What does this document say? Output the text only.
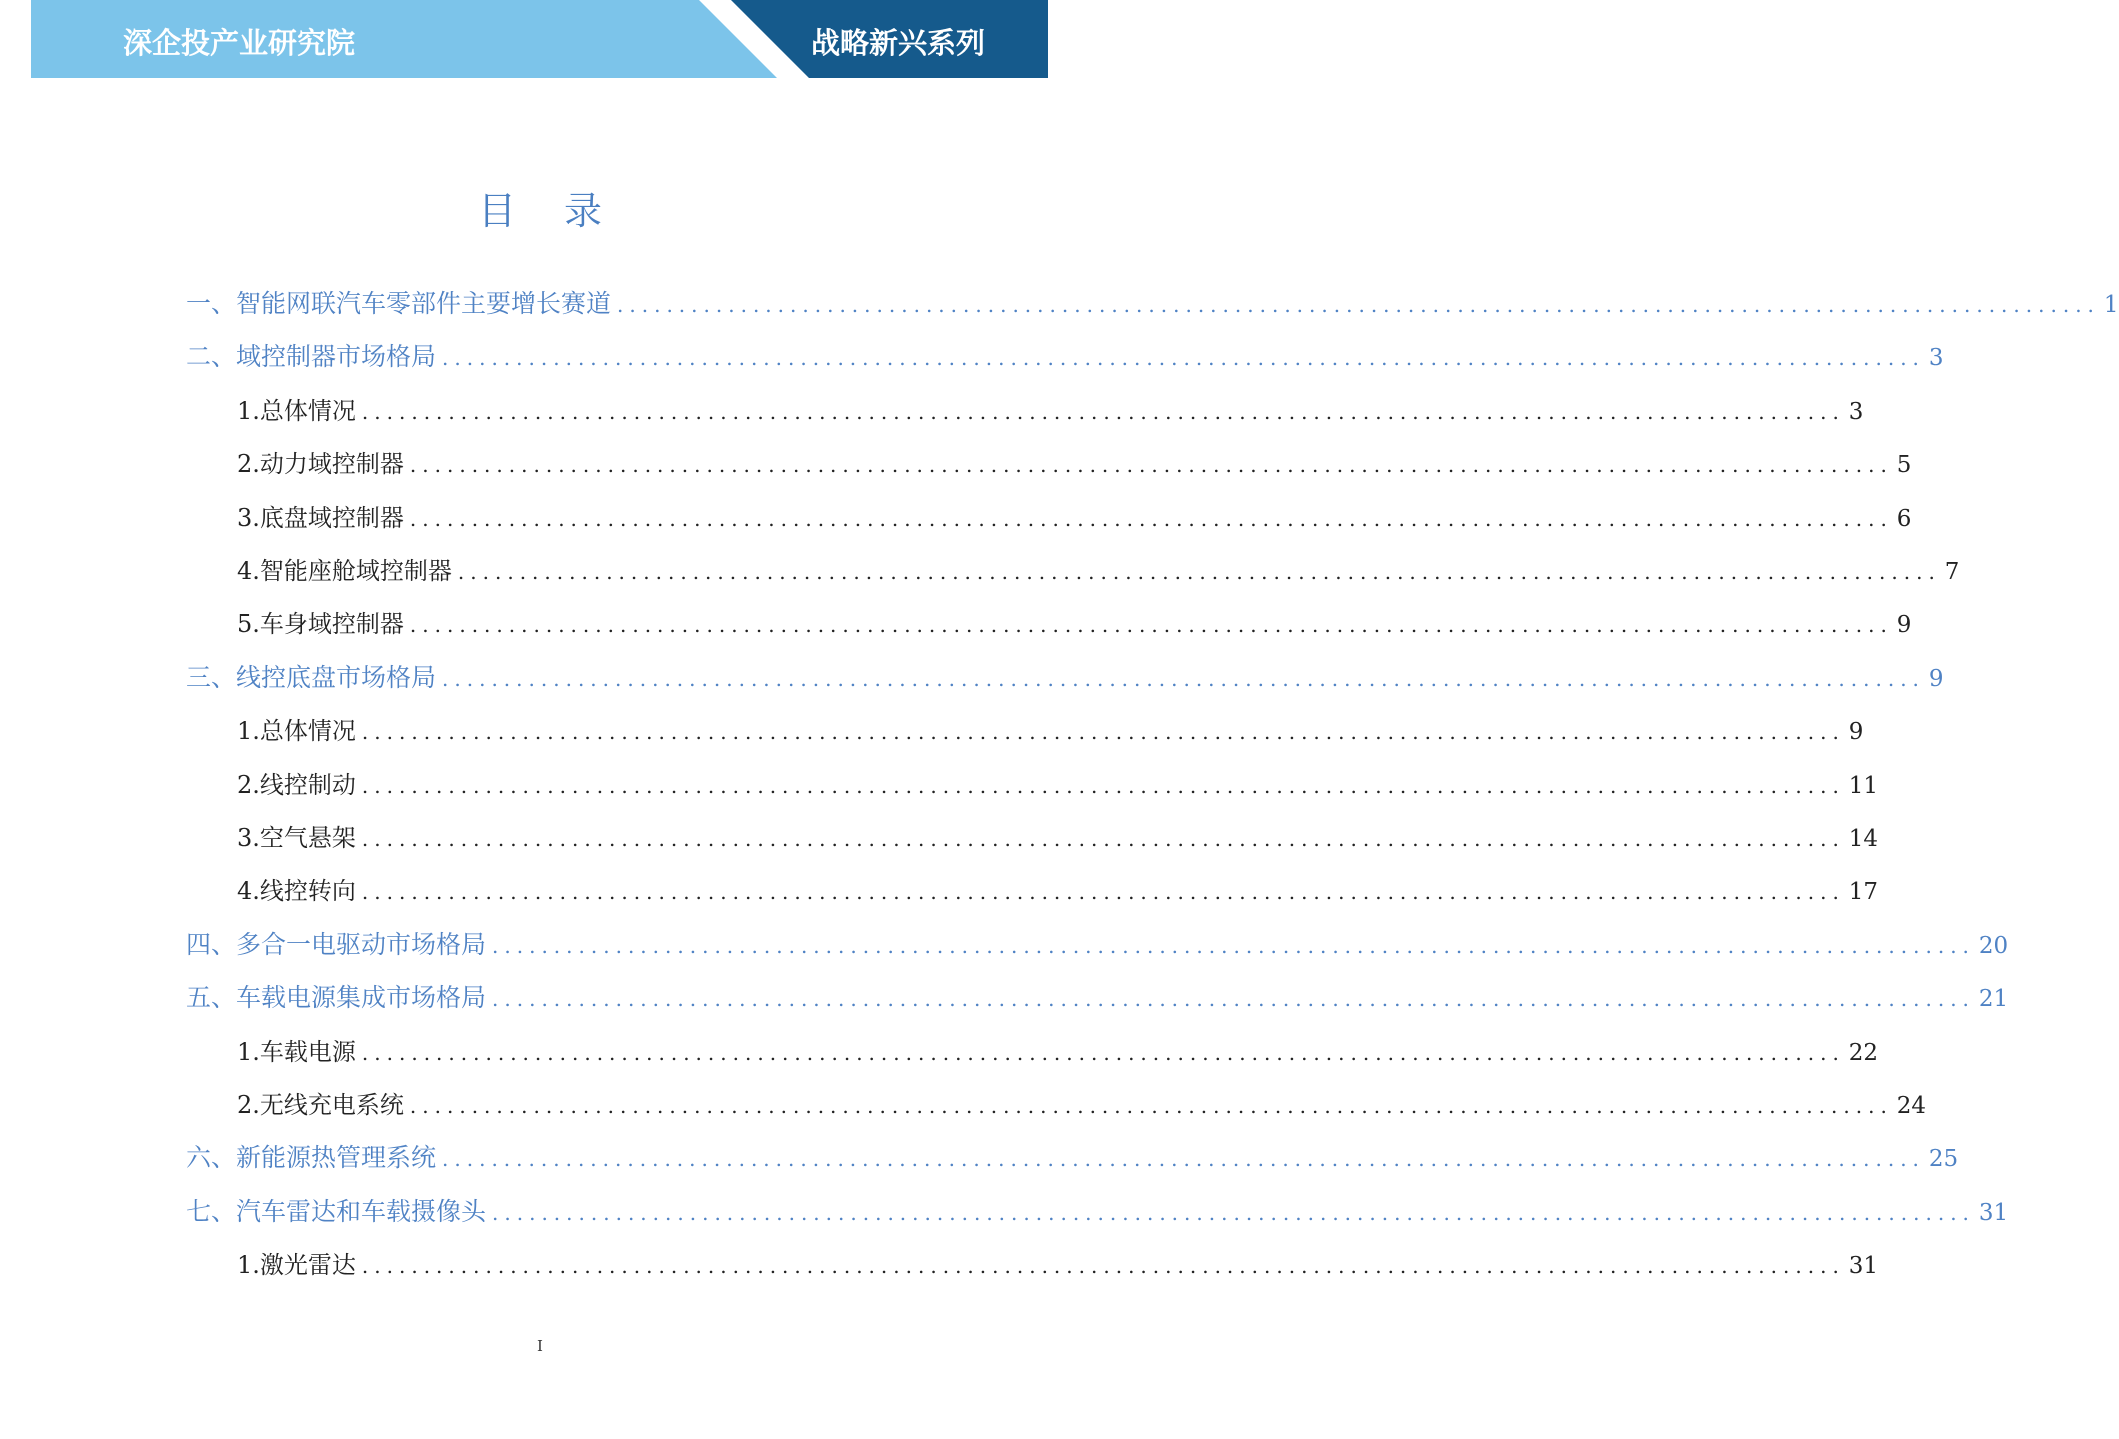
深企投产业研究院	战略新兴系列
目 录
一、智能网联汽车零部件主要增长赛道 ........................................................................................................................ 1
二、域控制器市场格局 ........................................................................................................................ 3
1.总体情况 ........................................................................................................................ 3
2.动力域控制器 ........................................................................................................................ 5
3.底盘域控制器 ........................................................................................................................ 6
4.智能座舱域控制器 ........................................................................................................................ 7
5.车身域控制器 ........................................................................................................................ 9
三、线控底盘市场格局 ........................................................................................................................ 9
1.总体情况 ........................................................................................................................ 9
2.线控制动 ........................................................................................................................ 11
3.空气悬架 ........................................................................................................................ 14
4.线控转向 ........................................................................................................................ 17
四、多合一电驱动市场格局 ........................................................................................................................ 20
五、车载电源集成市场格局 ........................................................................................................................ 21
1.车载电源 ........................................................................................................................ 22
2.无线充电系统 ........................................................................................................................ 24
六、新能源热管理系统 ........................................................................................................................ 25
七、汽车雷达和车载摄像头 ........................................................................................................................ 31
1.激光雷达 ........................................................................................................................ 31
I
